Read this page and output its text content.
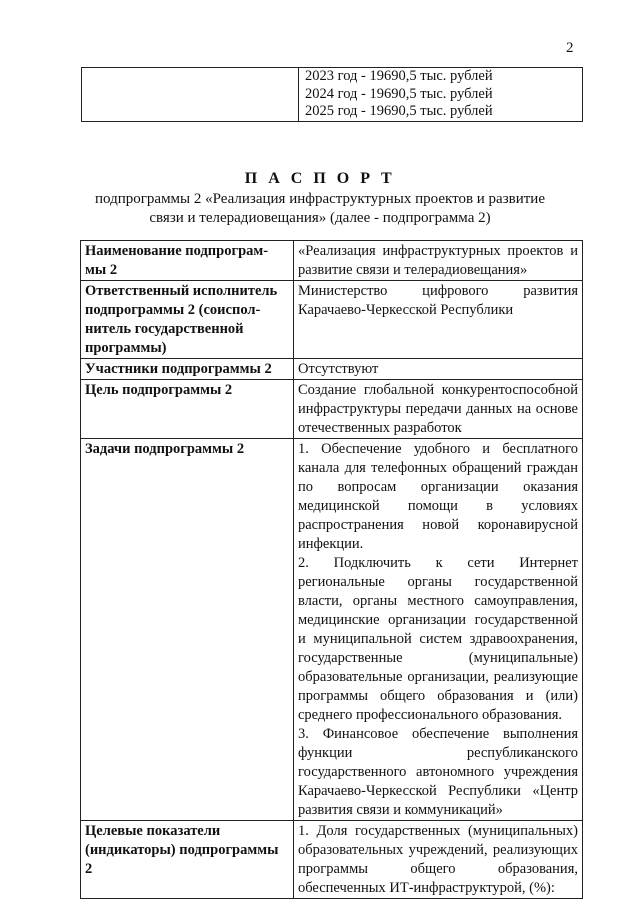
2

2023 год - 19690,5 тыс. рублей
2024 год - 19690,5 тыс. рублей
2025 год - 19690,5 тыс. рублей
П А С П О Р Т
подпрограммы 2 «Реализация инфраструктурных проектов и развитие
связи и телерадиовещания» (далее - подпрограмма 2)
Наименование подпрограм-мы 2	«Реализация инфраструктурных проектов и развитие связи и телерадиовещания»
Ответственный исполнитель подпрограммы 2 (соиспол-нитель государственной программы)	Министерство цифрового развития Карачаево-Черкесской Республики
Участники подпрограммы 2	Отсутствуют
Цель подпрограммы 2	Создание глобальной конкурентоспособной инфраструктуры передачи данных на основе отечественных разработок
Задачи подпрограммы 2	1. Обеспечение удобного и бесплатного канала для телефонных обращений граждан по вопросам организации оказания медицинской помощи в условиях распространения новой коронавирусной инфекции.
2. Подключить к сети Интернет региональные органы государственной власти, органы местного самоуправления, медицинские организации государственной и муниципальной систем здравоохранения, государственные (муниципальные) образовательные организации, реализующие программы общего образования и (или) среднего профессионального образования.
3. Финансовое обеспечение выполнения функции республиканского государственного автономного учреждения Карачаево-Черкесской Республики «Центр развития связи и коммуникаций»

Целевые показатели (индикаторы) подпрограммы 2	1. Доля государственных (муниципальных) образовательных учреждений, реализующих программы общего образования, обеспеченных ИТ-инфраструктурой, (%):
